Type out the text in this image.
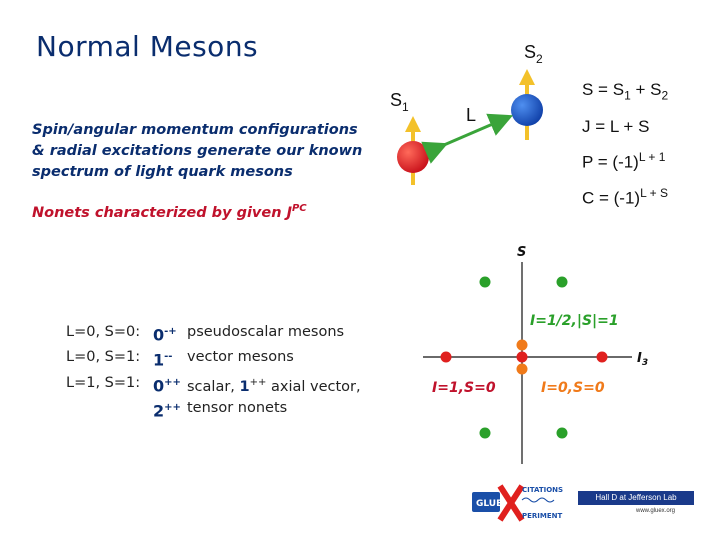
Normal Mesons
Spin/angular momentum configurations
& radial excitations generate our known
spectrum of light quark mesons
Nonets characterized by given $J^{PC}$
L=0, S=0: 0-+ pseudoscalar mesons
L=0, S=1: 1--	vector mesons
L=1, S=1: 0++ scalar, 1++ axial vector,
2++ tensor nonets
$S_1$
$S_2$
L
S
$I_3$
I=1/2,|S|=1
I=1,S=0	I=0,S=0
GLUE
CITATIONS
PERIMENT
$S = S_1 + S_2$
J = L + S
$P = (-1)^{L + 1}$
$C = (-1)^{L + S}$
Hall D at Jefferson Lab
www.gluex.org
